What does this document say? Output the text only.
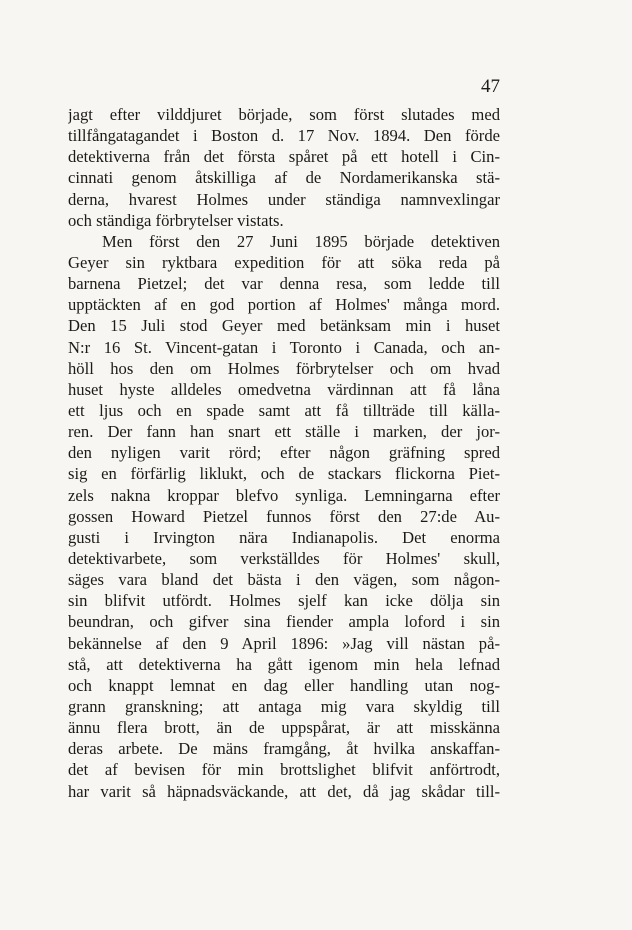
47
jagt efter vilddjuret började, som först slutades med
tillfångatagandet i Boston d. 17 Nov. 1894. Den förde
detektiverna från det första spåret på ett hotell i Cin-
cinnati genom åtskilliga af de Nordamerikanska stä-
derna, hvarest Holmes under ständiga namnvexlingar
och ständiga förbrytelser vistats.
Men först den 27 Juni 1895 började detektiven
Geyer sin ryktbara expedition för att söka reda på
barnena Pietzel; det var denna resa, som ledde till
upptäckten af en god portion af Holmes' många mord.
Den 15 Juli stod Geyer med betänksam min i huset
N:r 16 St. Vincent-gatan i Toronto i Canada, och an-
höll hos den om Holmes förbrytelser och om hvad
huset hyste alldeles omedvetna värdinnan att få låna
ett ljus och en spade samt att få tillträde till källa-
ren. Der fann han snart ett ställe i marken, der jor-
den nyligen varit rörd; efter någon gräfning spred
sig en förfärlig liklukt, och de stackars flickorna Piet-
zels nakna kroppar blefvo synliga. Lemningarna efter
gossen Howard Pietzel funnos först den 27:de Au-
gusti i Irvington nära Indianapolis. Det enorma
detektivarbete, som verkställdes för Holmes' skull,
säges vara bland det bästa i den vägen, som någon-
sin blifvit utfördt. Holmes sjelf kan icke dölja sin
beundran, och gifver sina fiender ampla loford i sin
bekännelse af den 9 April 1896: »Jag vill nästan på-
stå, att detektiverna ha gått igenom min hela lefnad
och knappt lemnat en dag eller handling utan nog-
grann granskning; att antaga mig vara skyldig till
ännu flera brott, än de uppspårat, är att misskänna
deras arbete. De mäns framgång, åt hvilka anskaffan-
det af bevisen för min brottslighet blifvit anförtrodt,
har varit så häpnadsväckande, att det, då jag skådar till-
